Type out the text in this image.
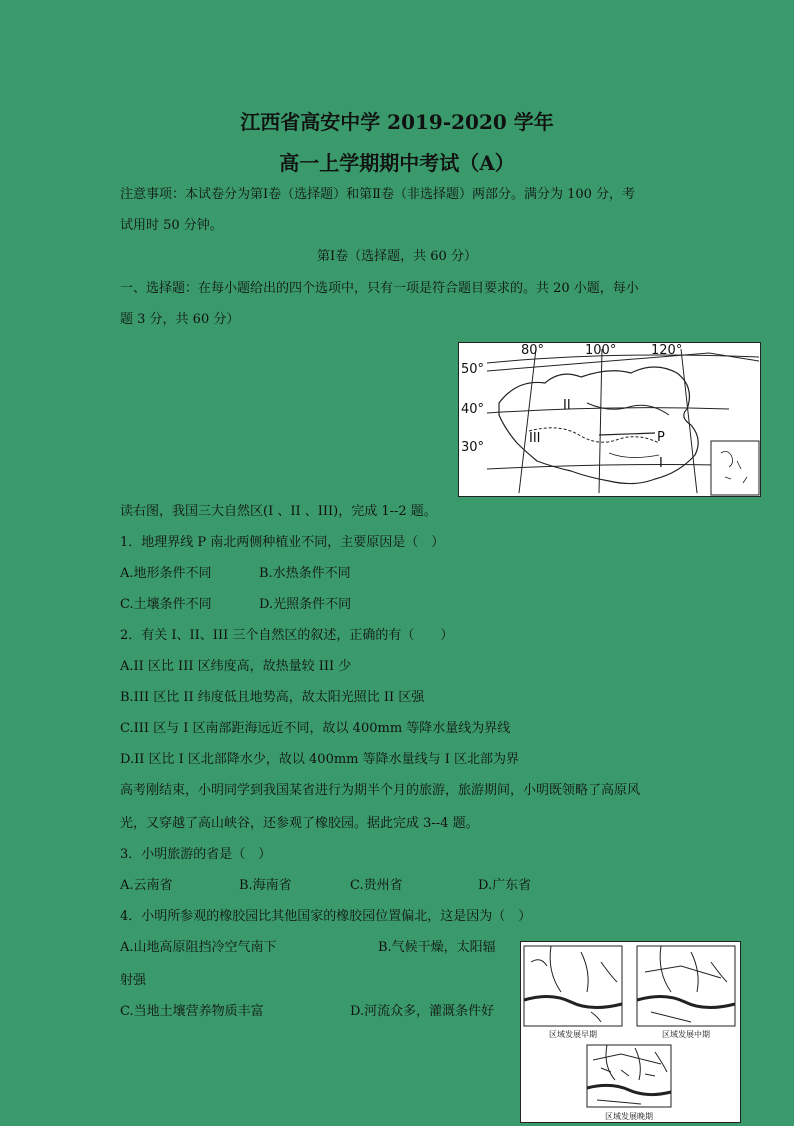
江西省高安中学 2019-2020 学年
高一上学期期中考试（A）
注意事项：本试卷分为第Ⅰ卷（选择题）和第Ⅱ卷（非选择题）两部分。满分为 100 分，考
试用时 50 分钟。
第Ⅰ卷（选择题，共 60 分）
一、选择题：在每小题给出的四个选项中，只有一项是符合题目要求的。共 20 小题，每小
题 3 分，共 60 分）
80°	100°	120°
50°
40°
30°
II
III
I
P
读右图，我国三大自然区(I 、II 、III)，完成 1--2 题。
1．地理界线 P 南北两侧种植业不同，主要原因是（　）
A.地形条件不同	B.水热条件不同
C.土壤条件不同	D.光照条件不同
2．有关 I、II、III 三个自然区的叙述，正确的有（　　）
A.II 区比 III 区纬度高，故热量较 III 少
B.III 区比 II 纬度低且地势高，故太阳光照比 II 区强
C.III 区与 I 区南部距海远近不同，故以 400mm 等降水量线为界线
D.II 区比 I 区北部降水少，故以 400mm 等降水量线与 I 区北部为界
高考刚结束，小明同学到我国某省进行为期半个月的旅游，旅游期间，小明既领略了高原风
光，又穿越了高山峡谷，还参观了橡胶园。据此完成 3--4 题。
3．小明旅游的省是（　）
A.云南省	B.海南省	C.贵州省	D.广东省
4．小明所参观的橡胶园比其他国家的橡胶园位置偏北，这是因为（　）
A.山地高原阻挡冷空气南下	B.气候干燥，太阳辐
射强
C.当地土壤营养物质丰富	D.河流众多，灌溉条件好
区域发展早期	区域发展中期
区域发展晚期
